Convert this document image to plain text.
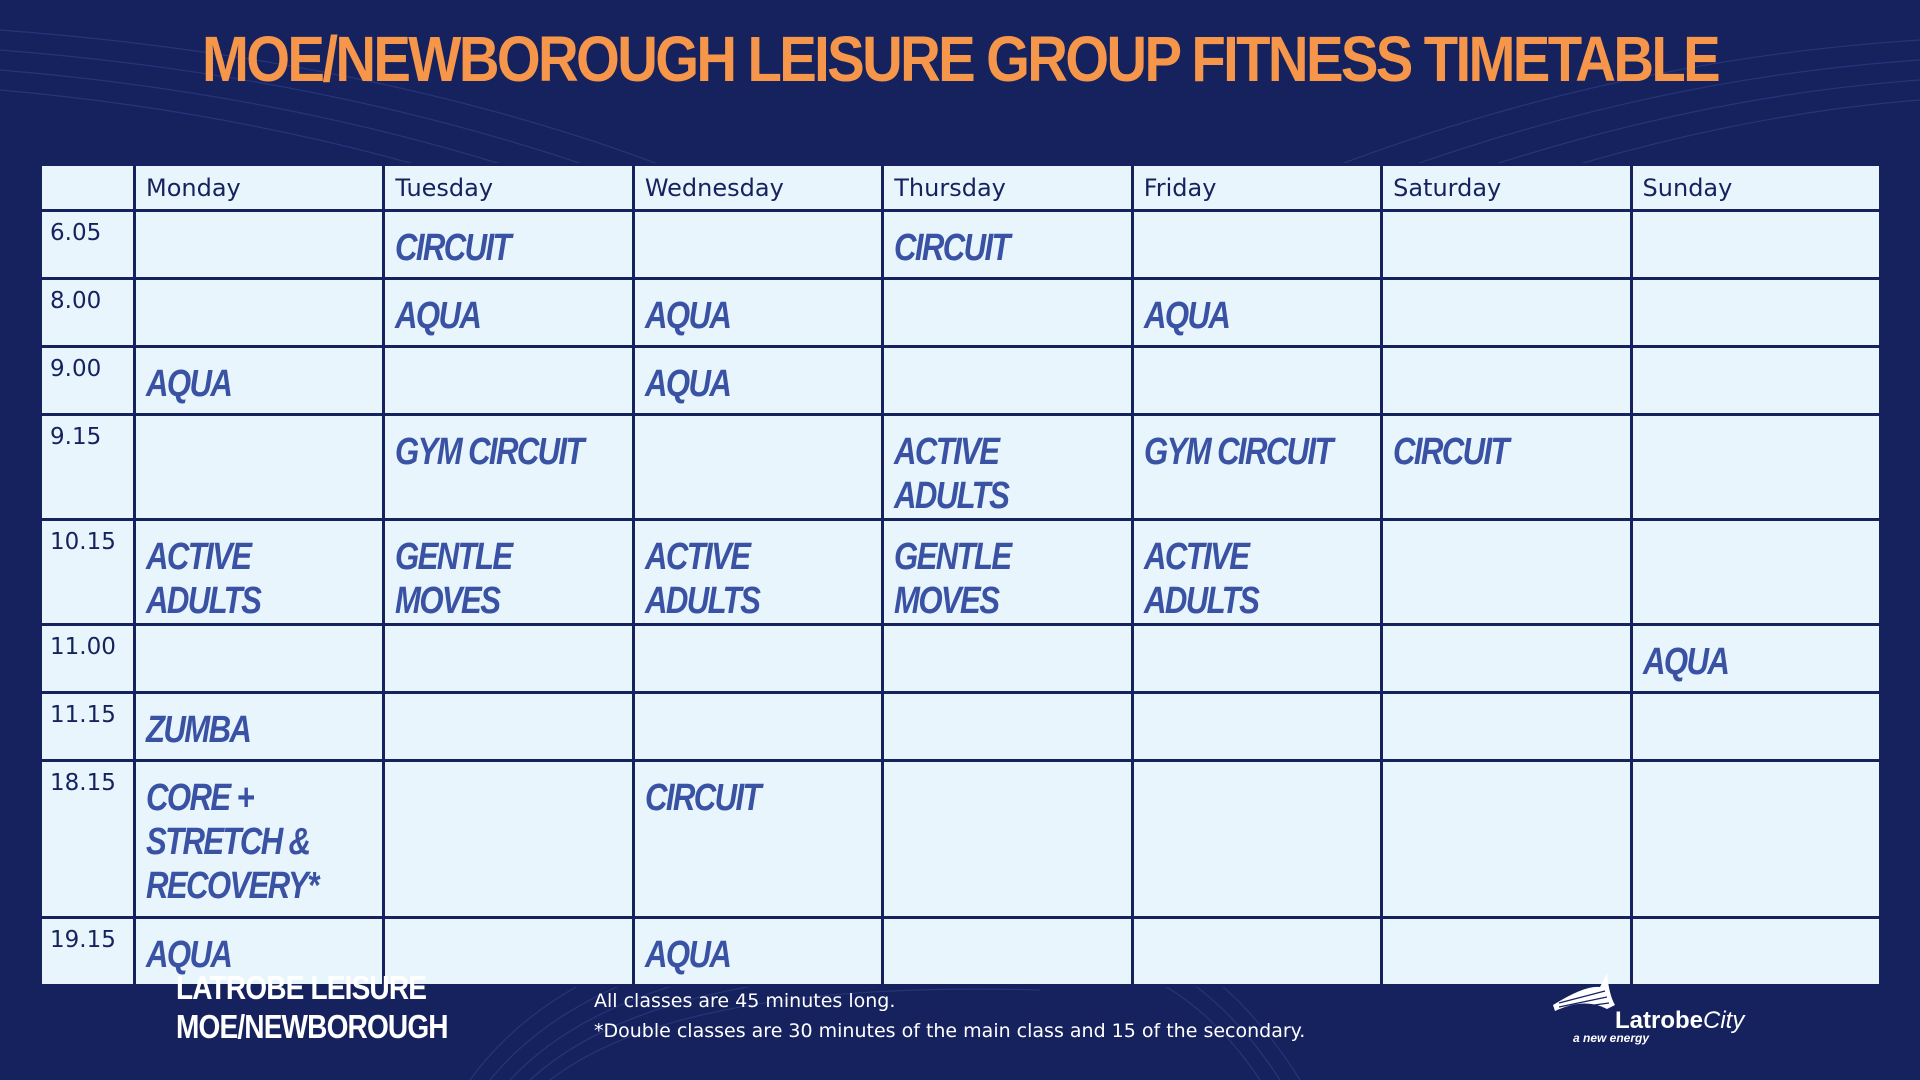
MOE/NEWBOROUGH LEISURE GROUP FITNESS TIMETABLE
	Monday	Tuesday	Wednesday	Thursday	Friday	Saturday	Sunday
6.05		CIRCUIT		CIRCUIT			
8.00		AQUA	AQUA		AQUA		
9.00	AQUA		AQUA				
9.15		GYM CIRCUIT		ACTIVE ADULTS	GYM CIRCUIT	CIRCUIT	
10.15	ACTIVE ADULTS	GENTLE MOVES	ACTIVE ADULTS	GENTLE MOVES	ACTIVE ADULTS		
11.00							AQUA
11.15	ZUMBA						
18.15	CORE +
STRETCH &
RECOVERY*		CIRCUIT				
19.15	AQUA		AQUA				
LATROBE LEISURE
MOE/NEWBOROUGH
All classes are 45 minutes long.
*Double classes are 30 minutes of the main class and 15 of the secondary.	LatrobeCity
a new energy
